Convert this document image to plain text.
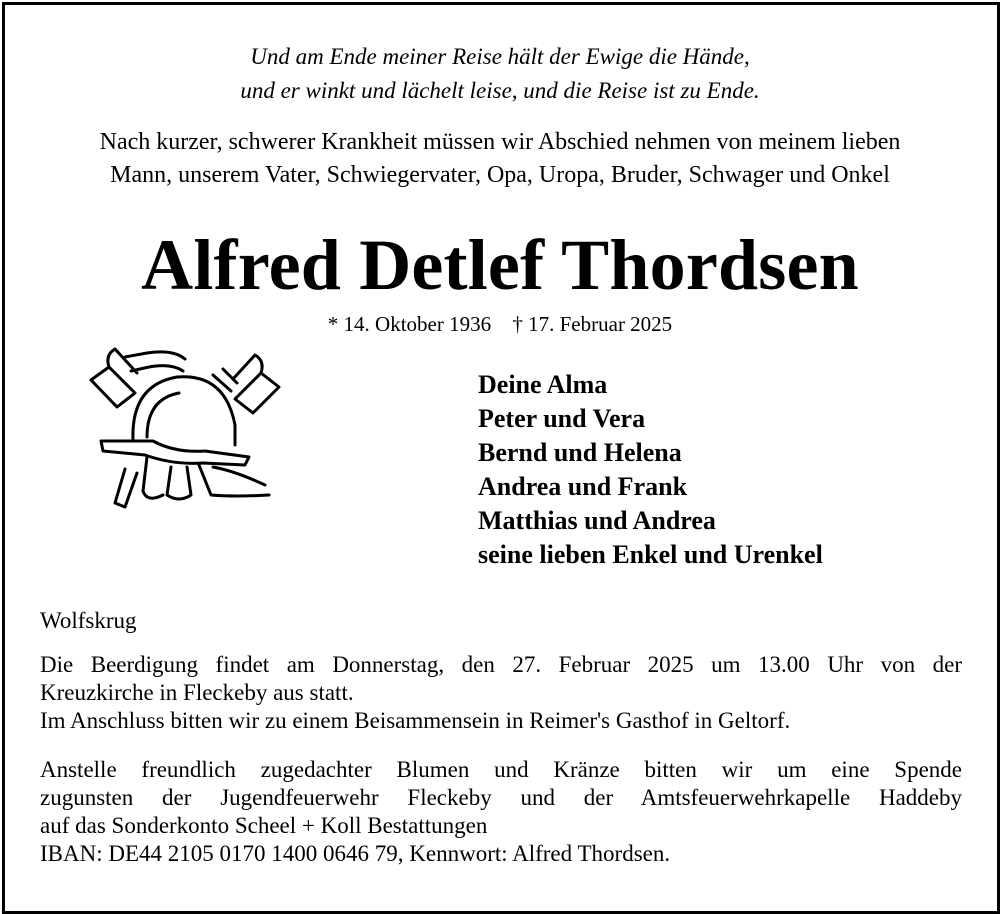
Und am Ende meiner Reise hält der Ewige die Hände,
und er winkt und lächelt leise, und die Reise ist zu Ende.
Nach kurzer, schwerer Krankheit müssen wir Abschied nehmen von meinem lieben
Mann, unserem Vater, Schwiegervater, Opa, Uropa, Bruder, Schwager und Onkel
Alfred Detlef Thordsen
* 14. Oktober 1936 † 17. Februar 2025
Deine Alma
Peter und Vera
Bernd und Helena
Andrea und Frank
Matthias und Andrea
seine lieben Enkel und Urenkel
Wolfskrug
Die Beerdigung findet am Donnerstag, den 27. Februar 2025 um 13.00 Uhr von der
Kreuzkirche in Fleckeby aus statt.
Im Anschluss bitten wir zu einem Beisammensein in Reimer's Gasthof in Geltorf.
Anstelle freundlich zugedachter Blumen und Kränze bitten wir um eine Spende
zugunsten der Jugendfeuerwehr Fleckeby und der Amtsfeuerwehrkapelle Haddeby
auf das Sonderkonto Scheel + Koll Bestattungen
IBAN: DE44 2105 0170 1400 0646 79, Kennwort: Alfred Thordsen.
